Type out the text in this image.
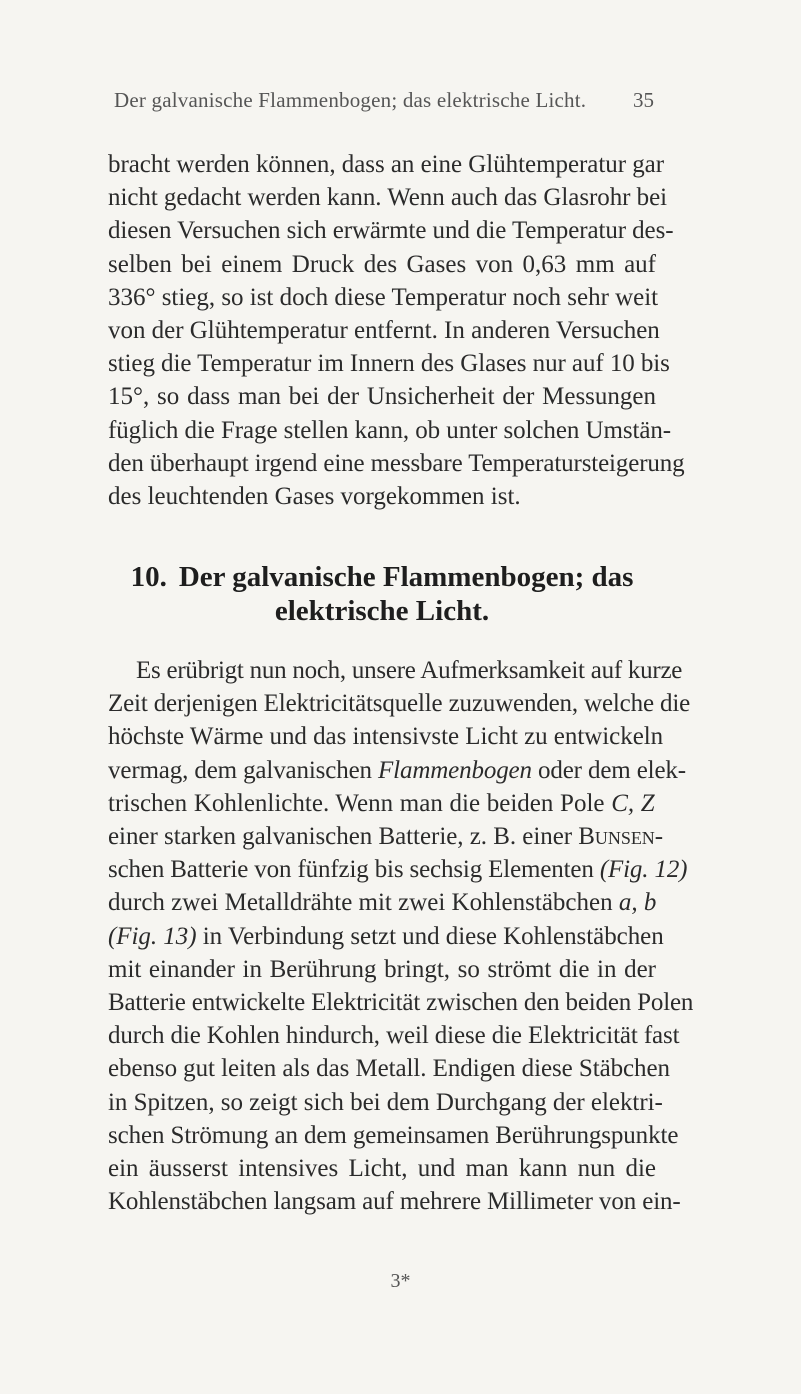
Der galvanische Flammenbogen; das elektrische Licht. 35
bracht werden können, dass an eine Glühtemperatur gar
nicht gedacht werden kann. Wenn auch das Glasrohr bei
diesen Versuchen sich erwärmte und die Temperatur des-
selben bei einem Druck des Gases von 0,63 mm auf
336° stieg, so ist doch diese Temperatur noch sehr weit
von der Glühtemperatur entfernt. In anderen Versuchen
stieg die Temperatur im Innern des Glases nur auf 10 bis
15°, so dass man bei der Unsicherheit der Messungen
füglich die Frage stellen kann, ob unter solchen Umstän-
den überhaupt irgend eine messbare Temperatursteigerung
des leuchtenden Gases vorgekommen ist.
10. Der galvanische Flammenbogen; das
elektrische Licht.
Es erübrigt nun noch, unsere Aufmerksamkeit auf kurze
Zeit derjenigen Elektricitätsquelle zuzuwenden, welche die
höchste Wärme und das intensivste Licht zu entwickeln
vermag, dem galvanischen Flammenbogen oder dem elek-
trischen Kohlenlichte. Wenn man die beiden Pole C, Z
einer starken galvanischen Batterie, z. B. einer Bunsen-
schen Batterie von fünfzig bis sechsig Elementen (Fig. 12)
durch zwei Metalldrähte mit zwei Kohlenstäbchen a, b
(Fig. 13) in Verbindung setzt und diese Kohlenstäbchen
mit einander in Berührung bringt, so strömt die in der
Batterie entwickelte Elektricität zwischen den beiden Polen
durch die Kohlen hindurch, weil diese die Elektricität fast
ebenso gut leiten als das Metall. Endigen diese Stäbchen
in Spitzen, so zeigt sich bei dem Durchgang der elektri-
schen Strömung an dem gemeinsamen Berührungspunkte
ein äusserst intensives Licht, und man kann nun die
Kohlenstäbchen langsam auf mehrere Millimeter von ein-
3*
